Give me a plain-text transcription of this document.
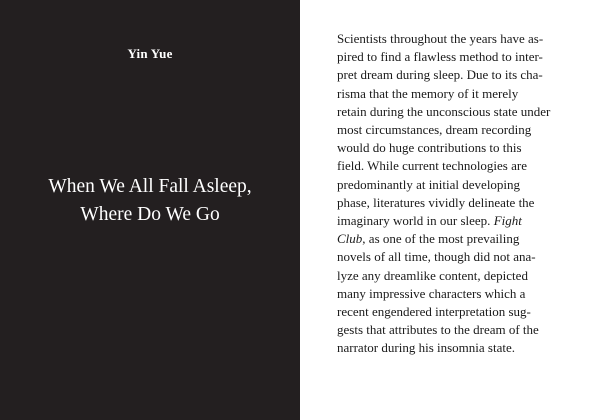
Yin Yue
When We All Fall Asleep,
Where Do We Go
Scientists throughout the years have as-
pired to find a flawless method to inter-
pret dream during sleep. Due to its cha-
risma that the memory of it merely
retain during the unconscious state under
most circumstances, dream recording
would do huge contributions to this
field. While current technologies are
predominantly at initial developing
phase, literatures vividly delineate the
imaginary world in our sleep. Fight
Club, as one of the most prevailing
novels of all time, though did not ana-
lyze any dreamlike content, depicted
many impressive characters which a
recent engendered interpretation sug-
gests that attributes to the dream of the
narrator during his insomnia state.
